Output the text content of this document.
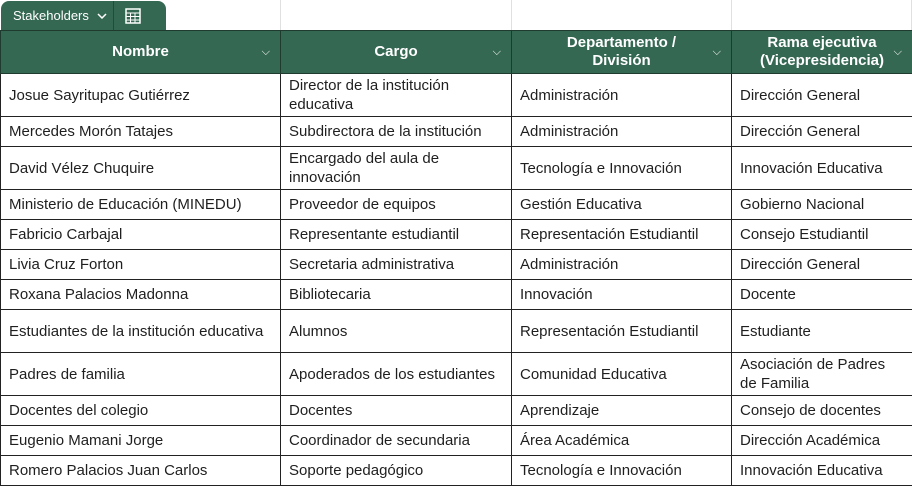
Stakeholders
Nombre ⌵	Cargo ⌵	Departamento / División ⌵	Rama ejecutiva (Vicepresidencia) ⌵

Josue Sayritupac Gutiérrez	Director de la institución educativa	Administración	Dirección General
Mercedes Morón Tatajes	Subdirectora de la institución	Administración	Dirección General
David Vélez Chuquire	Encargado del aula de innovación	Tecnología e Innovación	Innovación Educativa
Ministerio de Educación (MINEDU)	Proveedor de equipos	Gestión Educativa	Gobierno Nacional
Fabricio Carbajal	Representante estudiantil	Representación Estudiantil	Consejo Estudiantil
Livia Cruz Forton	Secretaria administrativa	Administración	Dirección General
Roxana Palacios Madonna	Bibliotecaria	Innovación	Docente
Estudiantes de la institución educativa	Alumnos	Representación Estudiantil	Estudiante
Padres de familia	Apoderados de los estudiantes	Comunidad Educativa	Asociación de Padres de Familia
Docentes del colegio	Docentes	Aprendizaje	Consejo de docentes
Eugenio Mamani Jorge	Coordinador de secundaria	Área Académica	Dirección Académica
Romero Palacios Juan Carlos	Soporte pedagógico	Tecnología e Innovación	Innovación Educativa
